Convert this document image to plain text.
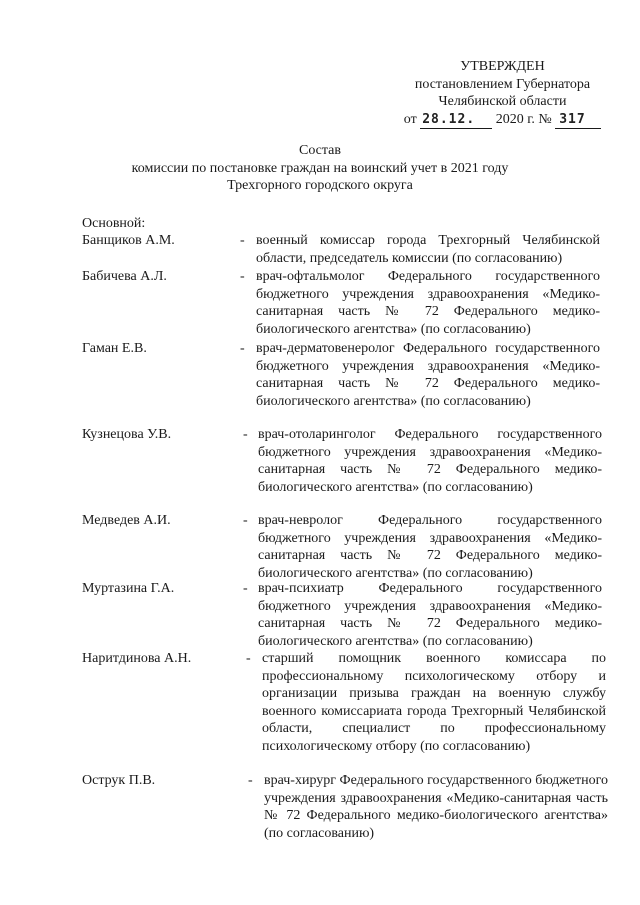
УТВЕРЖДЕН
постановлением Губернатора
Челябинской области
от 28.12. 2020 г. № 317
Состав
комиссии по постановке граждан на воинский учет в 2021 году
Трехгорного городского округа
Основной:
Банщиков А.М.	- военный комиссар города Трехгорный Челябинской области, председатель комиссии (по согласованию)
Бабичева А.Л.	- врач-офтальмолог Федерального государственного бюджетного учреждения здравоохранения «Медико-санитарная часть № 72 Федерального медико-биологического агентства» (по согласованию)
Гаман Е.В.	- врач-дерматовенеролог Федерального государственного бюджетного учреждения здравоохранения «Медико-санитарная часть № 72 Федерального медико-биологического агентства» (по согласованию)
Кузнецова У.В.	- врач-отоларинголог Федерального государственного бюджетного учреждения здравоохранения «Медико-санитарная часть № 72 Федерального медико-биологического агентства» (по согласованию)
Медведев А.И.	- врач-невролог Федерального государственного бюджетного учреждения здравоохранения «Медико-санитарная часть № 72 Федерального медико-биологического агентства» (по согласованию)
Муртазина Г.А.	- врач-психиатр Федерального государственного бюджетного учреждения здравоохранения «Медико-санитарная часть № 72 Федерального медико-биологического агентства» (по согласованию)
Наритдинова А.Н.	- старший помощник военного комиссара по профессиональному психологическому отбору и организации призыва граждан на военную службу военного комиссариата города Трехгорный Челябинской области, специалист по профессиональному психологическому отбору (по согласованию)
Острук П.В.	- врач-хирург Федерального государственного бюджетного учреждения здравоохранения «Медико-санитарная часть № 72 Федерального медико-биологического агентства» (по согласованию)
